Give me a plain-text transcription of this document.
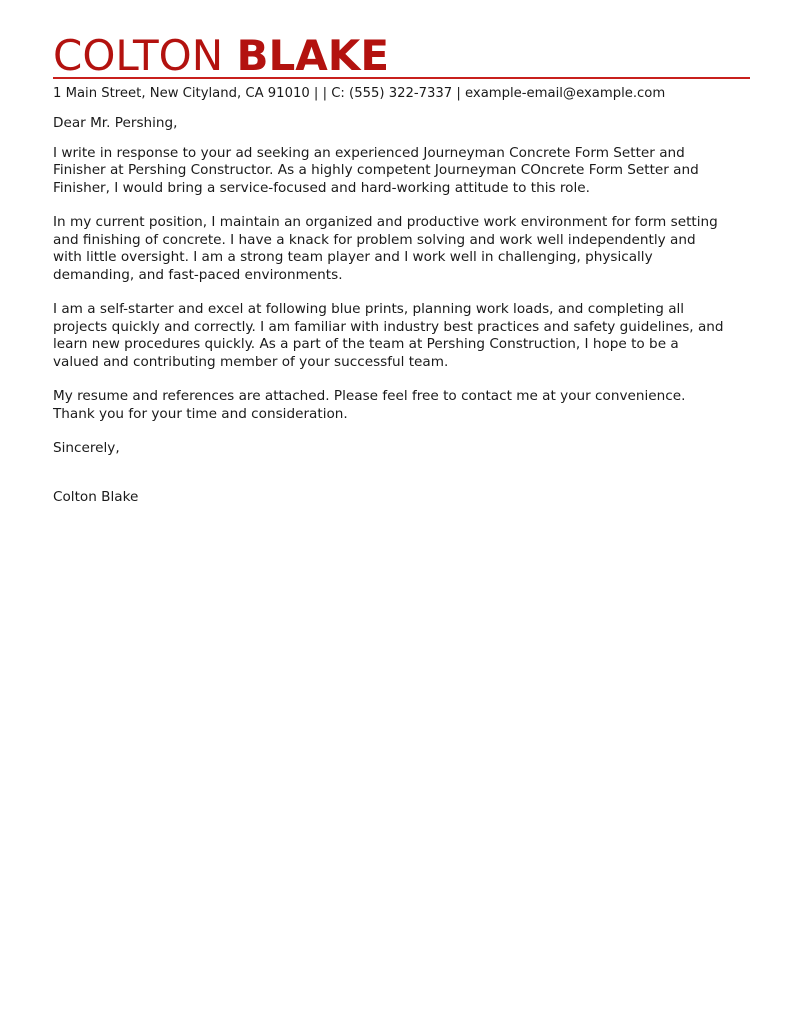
COLTON BLAKE
1 Main Street, New Cityland, CA 91010 | | C: (555) 322-7337 | example-email@example.com

Dear Mr. Pershing,

I write in response to your ad seeking an experienced Journeyman Concrete Form Setter and
Finisher at Pershing Constructor. As a highly competent Journeyman COncrete Form Setter and
Finisher, I would bring a service-focused and hard-working attitude to this role.

In my current position, I maintain an organized and productive work environment for form setting
and finishing of concrete. I have a knack for problem solving and work well independently and
with little oversight. I am a strong team player and I work well in challenging, physically
demanding, and fast-paced environments.

I am a self-starter and excel at following blue prints, planning work loads, and completing all
projects quickly and correctly. I am familiar with industry best practices and safety guidelines, and
learn new procedures quickly. As a part of the team at Pershing Construction, I hope to be a
valued and contributing member of your successful team.

My resume and references are attached. Please feel free to contact me at your convenience.
Thank you for your time and consideration.

Sincerely,

Colton Blake
